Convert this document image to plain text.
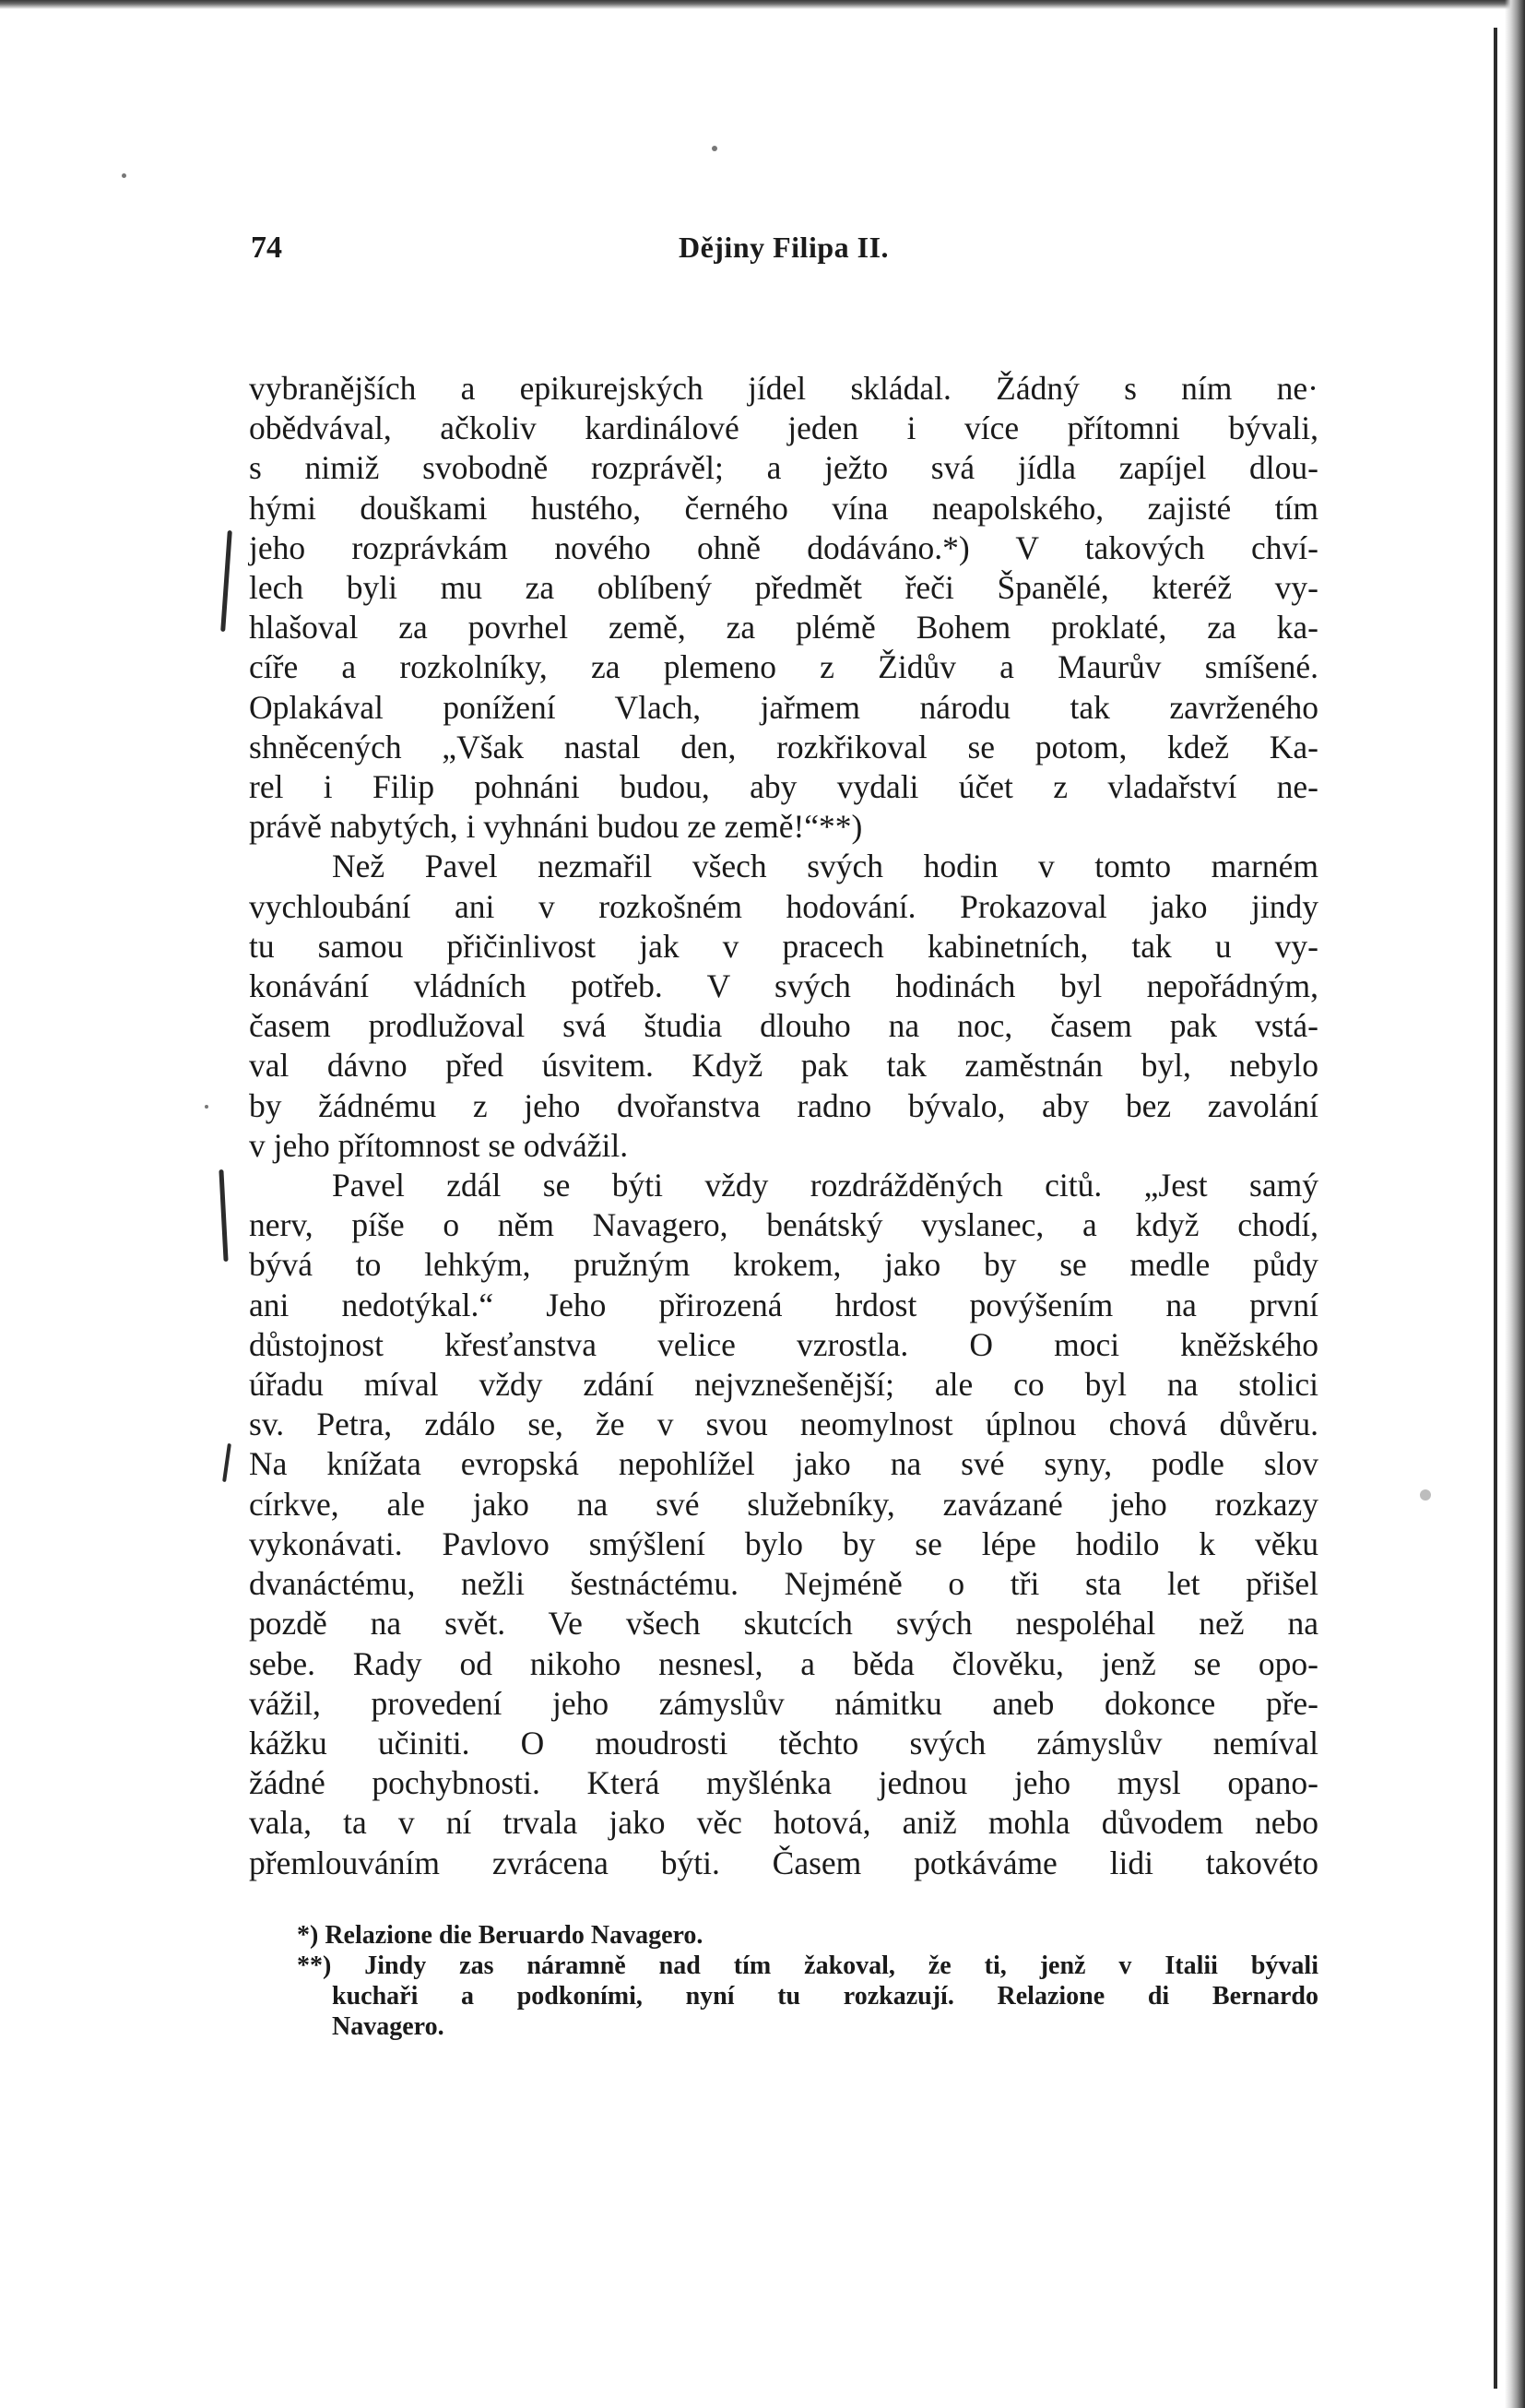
74	Dějiny Filipa II.
vybranějších a epikurejských jídel skládal. Žádný s ním ne·
obědvával, ačkoliv kardinálové jeden i více přítomni bývali,
s nimiž svobodně rozprávěl; a ježto svá jídla zapíjel dlou-
hými douškami hustého, černého vína neapolského, zajisté tím
jeho rozprávkám nového ohně dodáváno.*) V takových chví-
lech byli mu za oblíbený předmět řeči Španělé, kteréž vy-
hlašoval za povrhel země, za plémě Bohem proklaté, za ka-
cíře a rozkolníky, za plemeno z Židův a Maurův smíšené.
Oplakával ponížení Vlach, jařmem národu tak zavrženého
shněcených „Však nastal den, rozkřikoval se potom, kdež Ka-
rel i Filip pohnáni budou, aby vydali účet z vladařství ne-
právě nabytých, i vyhnáni budou ze země!“**)
Než Pavel nezmařil všech svých hodin v tomto marném
vychloubání ani v rozkošném hodování. Prokazoval jako jindy
tu samou přičinlivost jak v pracech kabinetních, tak u vy-
konávání vládních potřeb. V svých hodinách byl nepořádným,
časem prodlužoval svá študia dlouho na noc, časem pak vstá-
val dávno před úsvitem. Když pak tak zaměstnán byl, nebylo
by žádnému z jeho dvořanstva radno bývalo, aby bez zavolání
v jeho přítomnost se odvážil.
Pavel zdál se býti vždy rozdrážděných citů. „Jest samý
nerv, píše o něm Navagero, benátský vyslanec, a když chodí,
bývá to lehkým, pružným krokem, jako by se medle půdy
ani nedotýkal.“ Jeho přirozená hrdost povýšením na první
důstojnost křesťanstva velice vzrostla. O moci kněžského
úřadu míval vždy zdání nejvznešenější; ale co byl na stolici
sv. Petra, zdálo se, že v svou neomylnost úplnou chová důvěru.
Na knížata evropská nepohlížel jako na své syny, podle slov
církve, ale jako na své služebníky, zavázané jeho rozkazy
vykonávati. Pavlovo smýšlení bylo by se lépe hodilo k věku
dvanáctému, nežli šestnáctému. Nejméně o tři sta let přišel
pozdě na svět. Ve všech skutcích svých nespoléhal než na
sebe. Rady od nikoho nesnesl, a běda člověku, jenž se opo-
vážil, provedení jeho zámyslův námitku aneb dokonce pře-
kážku učiniti. O moudrosti těchto svých zámyslův nemíval
žádné pochybnosti. Která myšlénka jednou jeho mysl opano-
vala, ta v ní trvala jako věc hotová, aniž mohla důvodem nebo
přemlouváním zvrácena býti. Časem potkáváme lidi takovéto
*) Relazione die Beruardo Navagero.
**) Jindy zas náramně nad tím žakoval, že ti, jenž v Italii bývali
kuchaři a podkoními, nyní tu rozkazují. Relazione di Bernardo
Navagero.
